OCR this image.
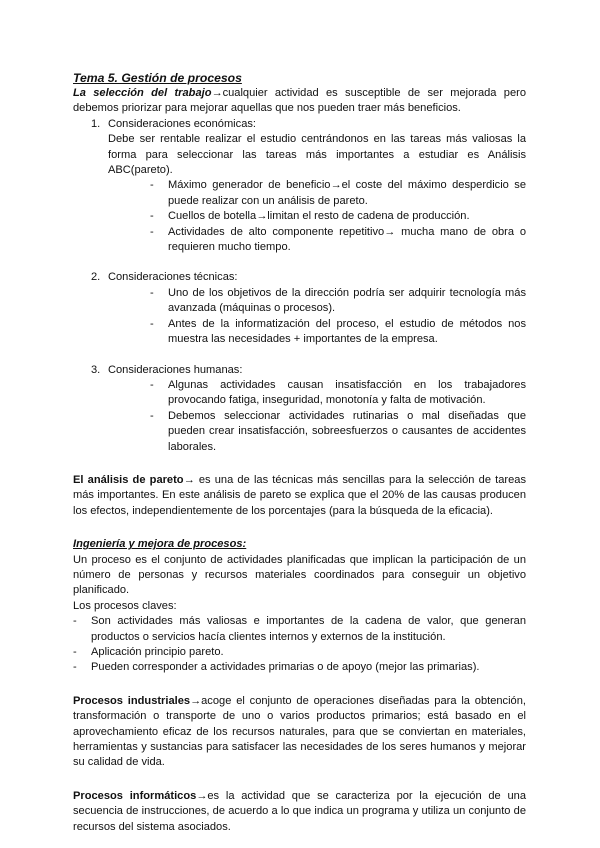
Tema 5. Gestión de procesos
La selección del trabajo→cualquier actividad es susceptible de ser mejorada pero debemos priorizar para mejorar aquellas que nos pueden traer más beneficios.
1. Consideraciones económicas:
Debe ser rentable realizar el estudio centrándonos en las tareas más valiosas la forma para seleccionar las tareas más importantes a estudiar es Análisis ABC(pareto).
- Máximo generador de beneficio→el coste del máximo desperdicio se puede realizar con un análisis de pareto.
- Cuellos de botella→limitan el resto de cadena de producción.
- Actividades de alto componente repetitivo→ mucha mano de obra o requieren mucho tiempo.
2. Consideraciones técnicas:
- Uno de los objetivos de la dirección podría ser adquirir tecnología más avanzada (máquinas o procesos).
- Antes de la informatización del proceso, el estudio de métodos nos muestra las necesidades + importantes de la empresa.
3. Consideraciones humanas:
- Algunas actividades causan insatisfacción en los trabajadores provocando fatiga, inseguridad, monotonía y falta de motivación.
- Debemos seleccionar actividades rutinarias o mal diseñadas que pueden crear insatisfacción, sobreesfuerzos o causantes de accidentes laborales.
El análisis de pareto→ es una de las técnicas más sencillas para la selección de tareas más importantes. En este análisis de pareto se explica que el 20% de las causas producen los efectos, independientemente de los porcentajes (para la búsqueda de la eficacia).
Ingeniería y mejora de procesos:
Un proceso es el conjunto de actividades planificadas que implican la participación de un número de personas y recursos materiales coordinados para conseguir un objetivo planificado.
Los procesos claves:
- Son actividades más valiosas e importantes de la cadena de valor, que generan productos o servicios hacía clientes internos y externos de la institución.
- Aplicación principio pareto.
- Pueden corresponder a actividades primarias o de apoyo (mejor las primarias).
Procesos industriales→acoge el conjunto de operaciones diseñadas para la obtención, transformación o transporte de uno o varios productos primarios; está basado en el aprovechamiento eficaz de los recursos naturales, para que se conviertan en materiales, herramientas y sustancias para satisfacer las necesidades de los seres humanos y mejorar su calidad de vida.
Procesos informáticos→es la actividad que se caracteriza por la ejecución de una secuencia de instrucciones, de acuerdo a lo que indica un programa y utiliza un conjunto de recursos del sistema asociados.
